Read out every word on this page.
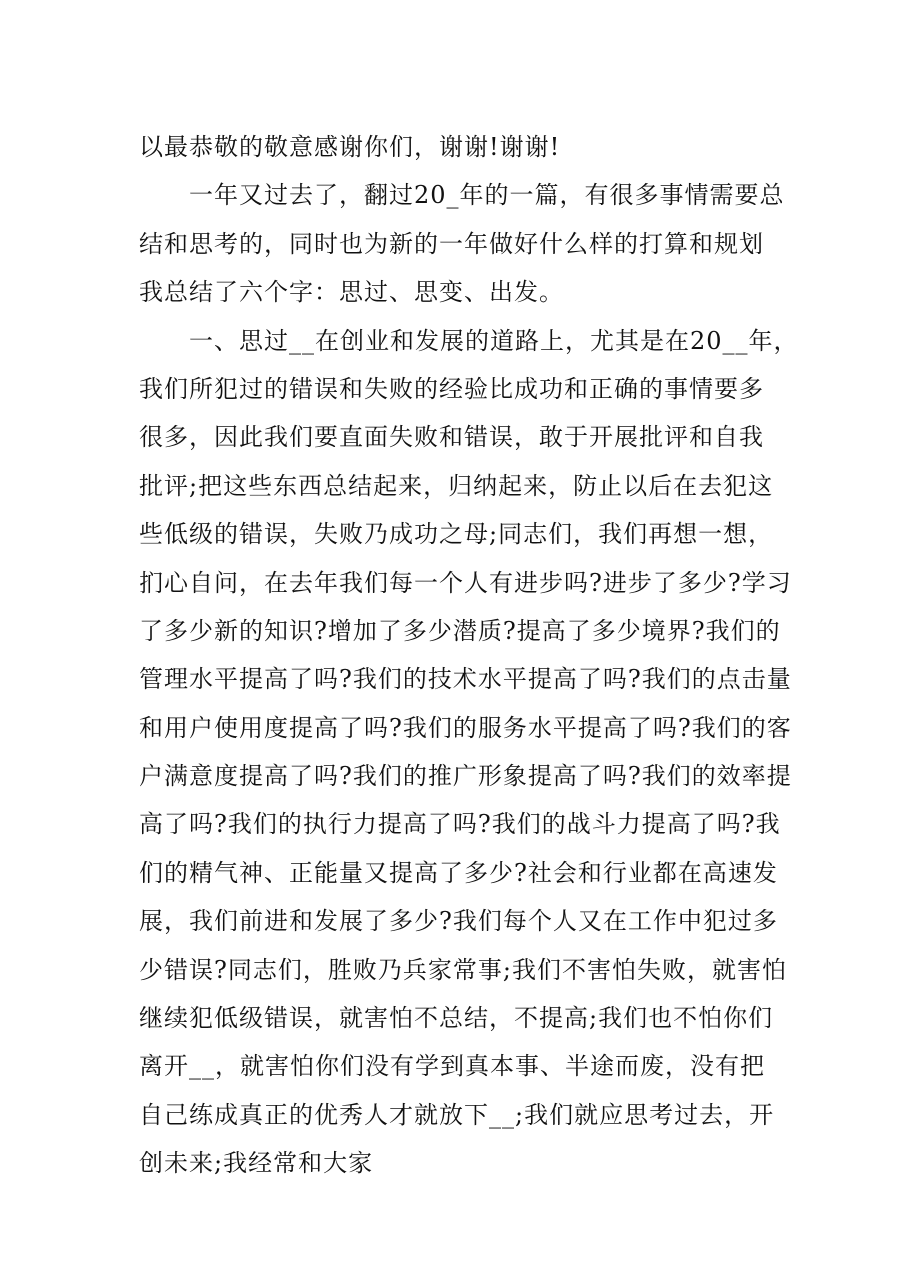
以最恭敬的敬意感谢你们，谢谢!谢谢!
　　一年又过去了，翻过20_年的一篇，有很多事情需要总
结和思考的，同时也为新的一年做好什么样的打算和规划
我总结了六个字：思过、思变、出发。
　　一、思过__在创业和发展的道路上，尤其是在20__年，
我们所犯过的错误和失败的经验比成功和正确的事情要多
很多，因此我们要直面失败和错误，敢于开展批评和自我
批评;把这些东西总结起来，归纳起来，防止以后在去犯这
些低级的错误，失败乃成功之母;同志们，我们再想一想，
扪心自问，在去年我们每一个人有进步吗?进步了多少?学习
了多少新的知识?增加了多少潜质?提高了多少境界?我们的
管理水平提高了吗?我们的技术水平提高了吗?我们的点击量
和用户使用度提高了吗?我们的服务水平提高了吗?我们的客
户满意度提高了吗?我们的推广形象提高了吗?我们的效率提
高了吗?我们的执行力提高了吗?我们的战斗力提高了吗?我
们的精气神、正能量又提高了多少?社会和行业都在高速发
展，我们前进和发展了多少?我们每个人又在工作中犯过多
少错误?同志们，胜败乃兵家常事;我们不害怕失败，就害怕
继续犯低级错误，就害怕不总结，不提高;我们也不怕你们
离开__，就害怕你们没有学到真本事、半途而废，没有把
自己练成真正的优秀人才就放下__;我们就应思考过去，开
创未来;我经常和大家
